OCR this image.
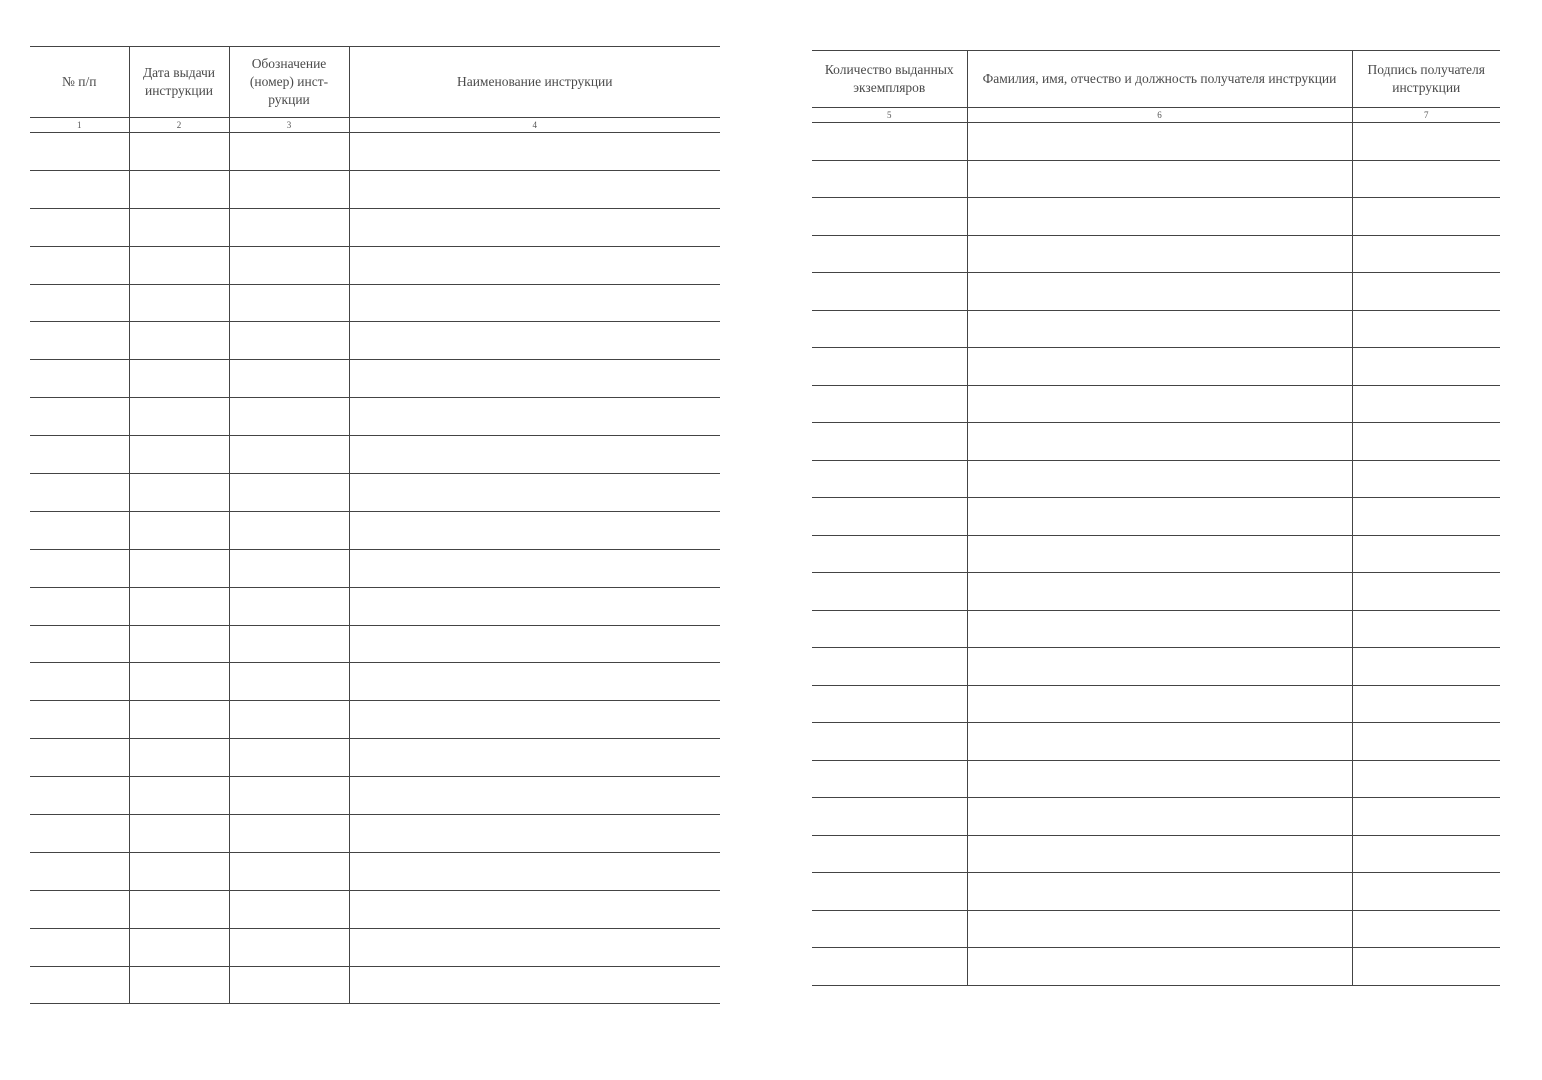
№ п/п	Дата выдачи инструкции	Обозначение (номер) инст-рукции	Наименование инструкции
1	2	3	4

Количество выданных экземпляров	Фамилия, имя, отчество и должность получателя инструкции	Подпись получателя инструкции
5	6	7
